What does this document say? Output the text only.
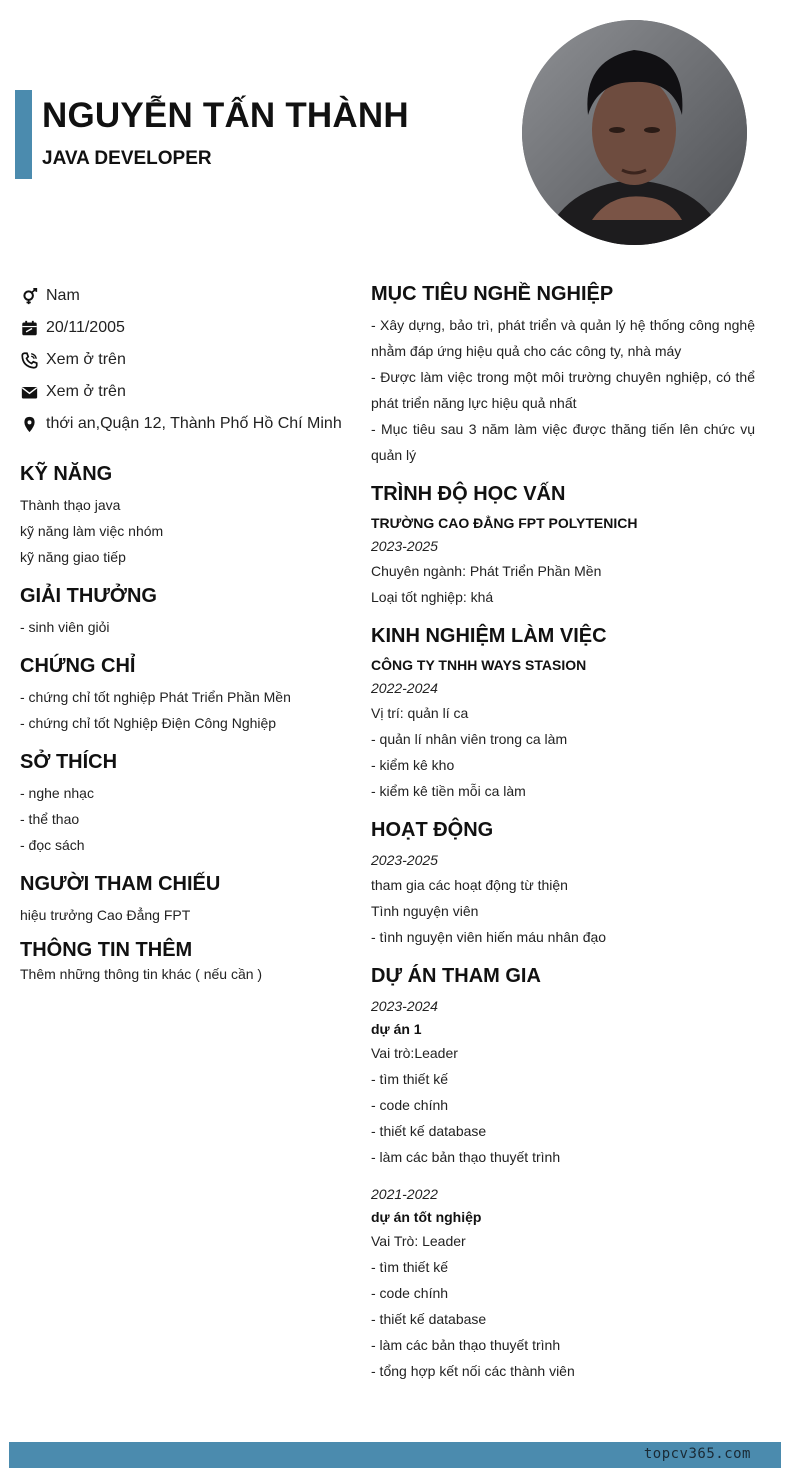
NGUYỄN TẤN THÀNH
JAVA DEVELOPER
Nam
20/11/2005
Xem ở trên
Xem ở trên
thới an,Quận 12, Thành Phố Hồ Chí Minh
KỸ NĂNG
Thành thạo java
kỹ năng làm việc nhóm
kỹ năng giao tiếp
GIẢI THƯỞNG
- sinh viên giỏi
CHỨNG CHỈ
- chứng chỉ tốt nghiệp Phát Triển Phần Mền
- chứng chỉ tốt Nghiệp Điện Công Nghiệp
SỞ THÍCH
- nghe nhạc
- thể thao
- đọc sách
NGƯỜI THAM CHIẾU
hiệu trưởng Cao Đẳng FPT
THÔNG TIN THÊM
Thêm những thông tin khác ( nếu cần )
MỤC TIÊU NGHỀ NGHIỆP
- Xây dựng, bảo trì, phát triển và quản lý hệ thống công nghệ nhằm đáp ứng hiệu quả cho các công ty, nhà máy
- Được làm việc trong một môi trường chuyên nghiệp, có thể phát triển năng lực hiệu quả nhất
- Mục tiêu sau 3 năm làm việc được thăng tiến lên chức vụ quản lý
TRÌNH ĐỘ HỌC VẤN
TRƯỜNG CAO ĐẲNG FPT POLYTENICH
2023-2025
Chuyên ngành: Phát Triển Phần Mền
Loại tốt nghiệp: khá
KINH NGHIỆM LÀM VIỆC
CÔNG TY TNHH WAYS STASION
2022-2024
Vị trí: quản lí ca
- quản lí nhân viên trong ca làm
- kiểm kê kho
- kiểm kê tiền mỗi ca làm
HOẠT ĐỘNG
2023-2025
tham gia các hoạt động từ thiện
Tình nguyện viên
- tình nguyện viên hiến máu nhân đạo
DỰ ÁN THAM GIA
2023-2024
dự án 1
Vai trò:Leader
- tìm thiết kế
- code chính
- thiết kế database
- làm các bản thạo thuyết trình
2021-2022
dự án tốt nghiệp
Vai Trò: Leader
- tìm thiết kế
- code chính
- thiết kế database
- làm các bản thạo thuyết trình
- tổng hợp kết nối các thành viên
topcv365.com
